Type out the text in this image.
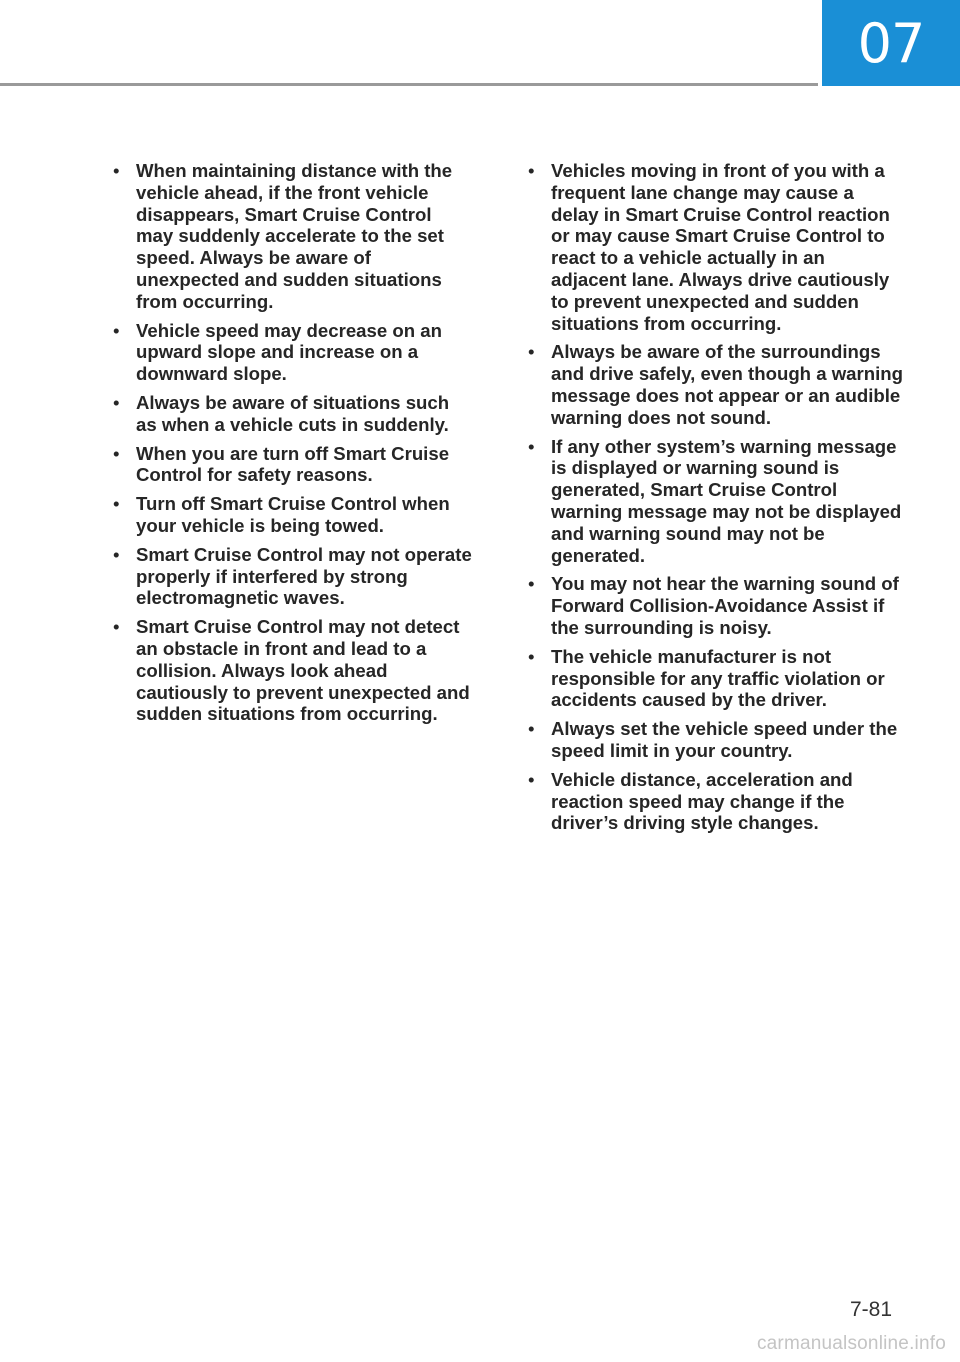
07
• When maintaining distance with the vehicle ahead, if the front vehicle disappears, Smart Cruise Control may suddenly accelerate to the set speed. Always be aware of unexpected and sudden situations from occurring.
• Vehicle speed may decrease on an upward slope and increase on a downward slope.
• Always be aware of situations such as when a vehicle cuts in suddenly.
• When you are turn off Smart Cruise Control for safety reasons.
• Turn off Smart Cruise Control when your vehicle is being towed.
• Smart Cruise Control may not operate properly if interfered by strong electromagnetic waves.
• Smart Cruise Control may not detect an obstacle in front and lead to a collision. Always look ahead cautiously to prevent unexpected and sudden situations from occurring.
• Vehicles moving in front of you with a frequent lane change may cause a delay in Smart Cruise Control reaction or may cause Smart Cruise Control to react to a vehicle actually in an adjacent lane. Always drive cautiously to prevent unexpected and sudden situations from occurring.
• Always be aware of the surroundings and drive safely, even though a warning message does not appear or an audible warning does not sound.
• If any other system’s warning message is displayed or warning sound is generated, Smart Cruise Control warning message may not be displayed and warning sound may not be generated.
• You may not hear the warning sound of Forward Collision-Avoidance Assist if the surrounding is noisy.
• The vehicle manufacturer is not responsible for any traffic violation or accidents caused by the driver.
• Always set the vehicle speed under the speed limit in your country.
• Vehicle distance, acceleration and reaction speed may change if the driver’s driving style changes.
7-81
carmanualsonline.info
